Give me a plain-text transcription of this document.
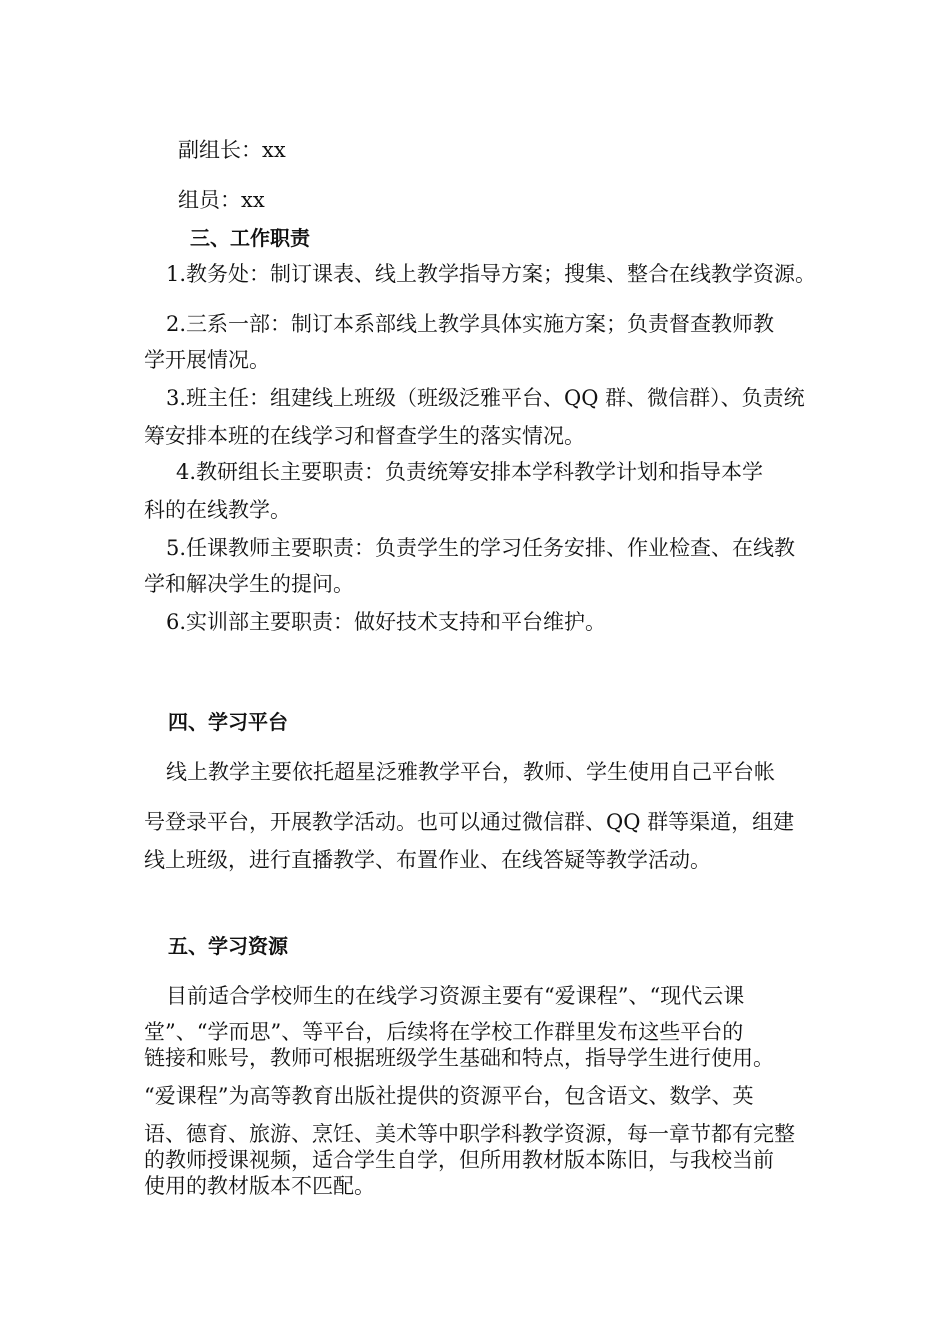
副组长：xx

组员：xx

三、工作职责

1.教务处：制订课表、线上教学指导方案；搜集、整合在线教学资源。

2.三系一部：制订本系部线上教学具体实施方案；负责督查教师教

学开展情况。

3.班主任：组建线上班级（班级泛雅平台、QQ 群、微信群）、负责统

筹安排本班的在线学习和督查学生的落实情况。

4.教研组长主要职责：负责统筹安排本学科教学计划和指导本学

科的在线教学。

5.任课教师主要职责：负责学生的学习任务安排、作业检查、在线教

学和解决学生的提问。

6.实训部主要职责：做好技术支持和平台维护。

四、学习平台

线上教学主要依托超星泛雅教学平台，教师、学生使用自己平台帐

号登录平台，开展教学活动。也可以通过微信群、QQ 群等渠道，组建

线上班级，进行直播教学、布置作业、在线答疑等教学活动。

五、学习资源

目前适合学校师生的在线学习资源主要有“爱课程”、“现代云课

堂”、“学而思”、等平台，后续将在学校工作群里发布这些平台的

链接和账号，教师可根据班级学生基础和特点，指导学生进行使用。

“爱课程”为高等教育出版社提供的资源平台，包含语文、数学、英

语、德育、旅游、烹饪、美术等中职学科教学资源，每一章节都有完整

的教师授课视频，适合学生自学，但所用教材版本陈旧，与我校当前

使用的教材版本不匹配。
